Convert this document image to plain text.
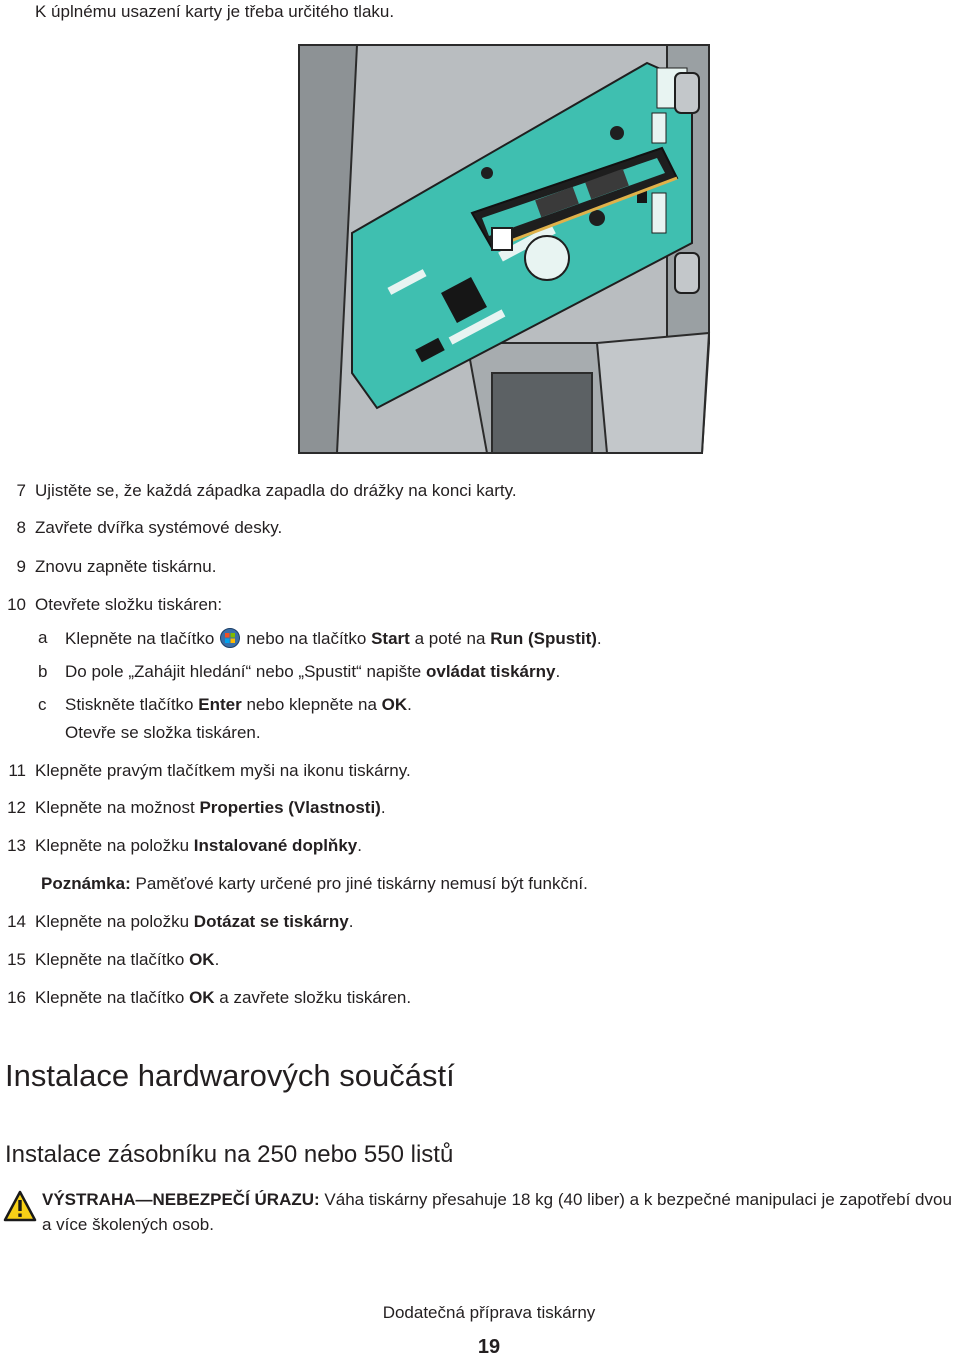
K úplnému usazení karty je třeba určitého tlaku.
7 Ujistěte se, že každá západka zapadla do drážky na konci karty.
8 Zavřete dvířka systémové desky.
9 Znovu zapněte tiskárnu.
10 Otevřete složku tiskáren:
a Klepněte na tlačítko nebo na tlačítko Start a poté na Run (Spustit).
b Do pole „Zahájit hledání“ nebo „Spustit“ napište ovládat tiskárny.
c	Stiskněte tlačítko Enter nebo klepněte na OK.
Otevře se složka tiskáren.
11 Klepněte pravým tlačítkem myši na ikonu tiskárny.
12 Klepněte na možnost Properties (Vlastnosti).
13 Klepněte na položku Instalované doplňky.
Poznámka: Paměťové karty určené pro jiné tiskárny nemusí být funkční.
14 Klepněte na položku Dotázat se tiskárny.
15 Klepněte na tlačítko OK.
16 Klepněte na tlačítko OK a zavřete složku tiskáren.
Instalace hardwarových součástí
Instalace zásobníku na 250 nebo 550 listů
VÝSTRAHA—NEBEZPEČÍ ÚRAZU: Váha tiskárny přesahuje 18 kg (40 liber) a k bezpečné manipulaci je zapotřebí dvou a více školených osob.
Dodatečná příprava tiskárny
19
